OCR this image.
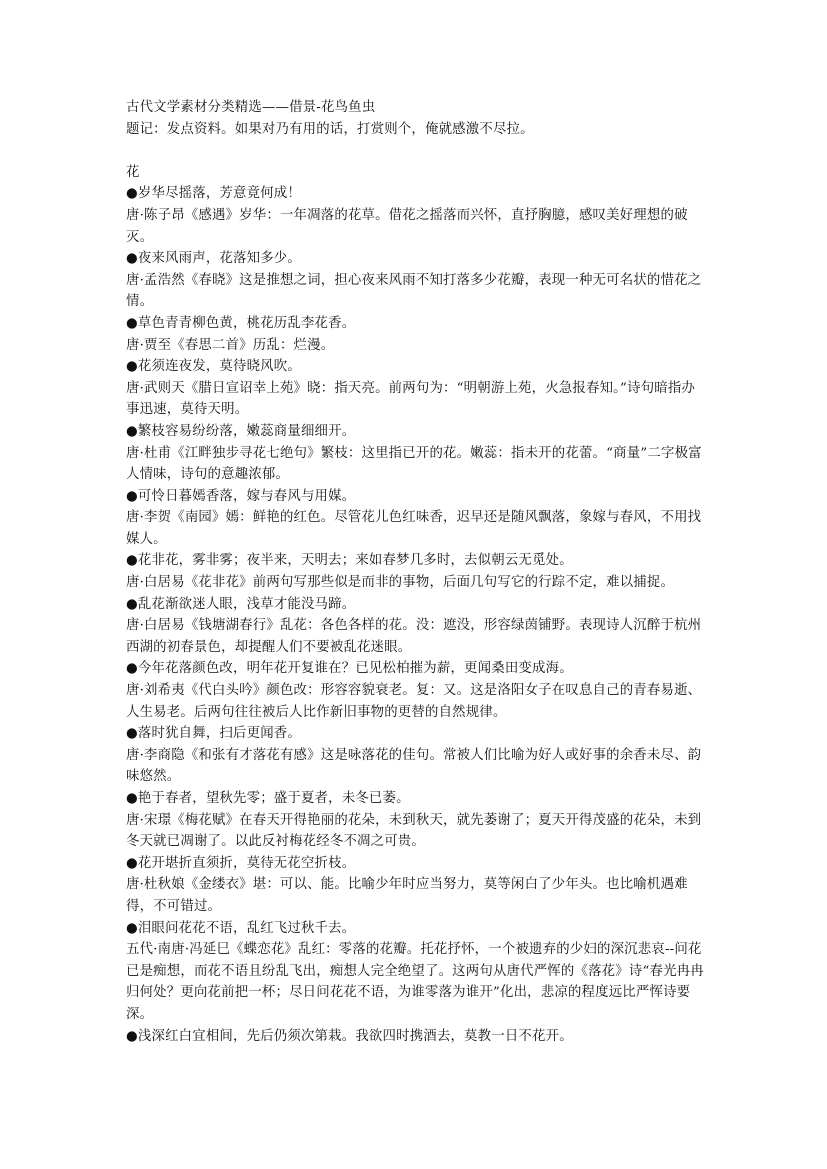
古代文学素材分类精选——借景-花鸟鱼虫
题记：发点资料。如果对乃有用的话，打赏则个，俺就感激不尽拉。
花
●岁华尽摇落，芳意竟何成！
唐·陈子昂《感遇》岁华：一年凋落的花草。借花之摇落而兴怀，直抒胸臆，感叹美好理想的破灭。
●夜来风雨声，花落知多少。
唐·孟浩然《春晓》这是推想之词，担心夜来风雨不知打落多少花瓣，表现一种无可名状的惜花之情。
●草色青青柳色黄，桃花历乱李花香。
唐·贾至《春思二首》历乱：烂漫。
●花须连夜发，莫待晓风吹。
唐·武则天《腊日宣诏幸上苑》晓：指天亮。前两句为：“明朝游上苑，火急报春知。”诗句暗指办事迅速，莫待天明。
●繁枝容易纷纷落，嫩蕊商量细细开。
唐·杜甫《江畔独步寻花七绝句》繁枝：这里指已开的花。嫩蕊：指未开的花蕾。“商量”二字极富人情味，诗句的意趣浓郁。
●可怜日暮嫣香落，嫁与春风与用媒。
唐·李贺《南园》嫣：鲜艳的红色。尽管花儿色红味香，迟早还是随风飘落，象嫁与春风，不用找媒人。
●花非花，雾非雾；夜半来，天明去；来如春梦几多时，去似朝云无觅处。
唐·白居易《花非花》前两句写那些似是而非的事物，后面几句写它的行踪不定，难以捕捉。
●乱花渐欲迷人眼，浅草才能没马蹄。
唐·白居易《钱塘湖春行》乱花：各色各样的花。没：遮没，形容绿茵铺野。表现诗人沉醉于杭州西湖的初春景色，却提醒人们不要被乱花迷眼。
●今年花落颜色改，明年花开复谁在？已见松柏摧为薪，更闻桑田变成海。
唐·刘希夷《代白头吟》颜色改：形容容貌衰老。复：又。这是洛阳女子在叹息自己的青春易逝、人生易老。后两句往往被后人比作新旧事物的更替的自然规律。
●落时犹自舞，扫后更闻香。
唐·李商隐《和张有才落花有感》这是咏落花的佳句。常被人们比喻为好人或好事的余香未尽、韵味悠然。
●艳于春者，望秋先零；盛于夏者，未冬已萎。
唐·宋璟《梅花赋》在春天开得艳丽的花朵，未到秋天，就先萎谢了；夏天开得茂盛的花朵，未到冬天就已凋谢了。以此反衬梅花经冬不凋之可贵。
●花开堪折直须折，莫待无花空折枝。
唐·杜秋娘《金缕衣》堪：可以、能。比喻少年时应当努力，莫等闲白了少年头。也比喻机遇难得，不可错过。
●泪眼问花花不语，乱红飞过秋千去。
五代·南唐·冯延巳《蝶恋花》乱红：零落的花瓣。托花抒怀，一个被遗弃的少妇的深沉悲哀--问花已是痴想，而花不语且纷乱飞出，痴想人完全绝望了。这两句从唐代严恽的《落花》诗“春光冉冉归何处？更向花前把一杯；尽日问花花不语，为谁零落为谁开”化出，悲凉的程度远比严恽诗要深。
●浅深红白宜相间，先后仍须次第栽。我欲四时携酒去，莫教一日不花开。
